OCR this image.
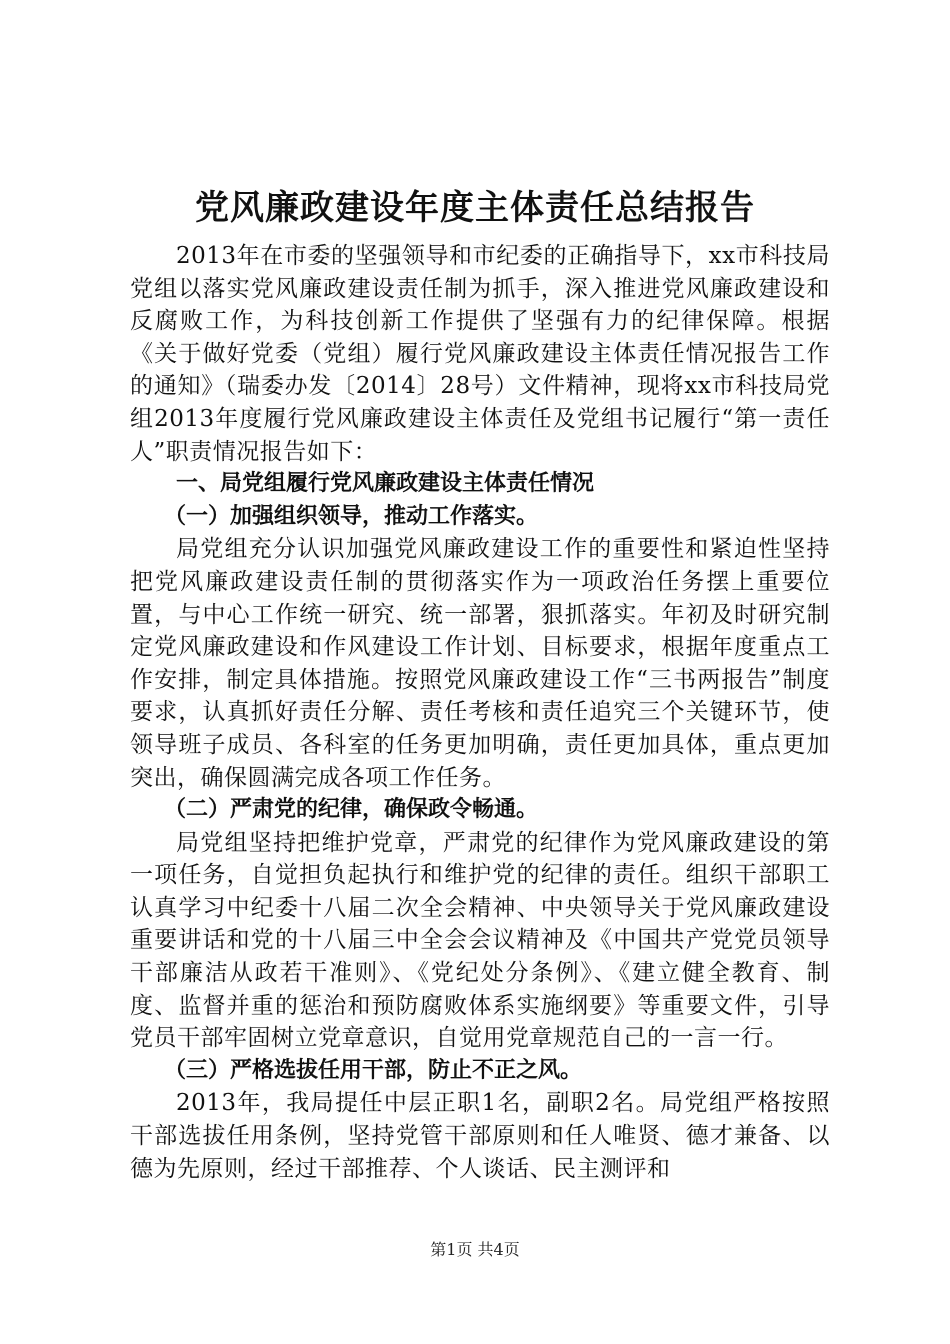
党风廉政建设年度主体责任总结报告

2013年在市委的坚强领导和市纪委的正确指导下，xx市科技局党组以落实党风廉政建设责任制为抓手，深入推进党风廉政建设和反腐败工作，为科技创新工作提供了坚强有力的纪律保障。根据《关于做好党委（党组）履行党风廉政建设主体责任情况报告工作的通知》（瑞委办发〔2014〕28号）文件精神，现将xx市科技局党组2013年度履行党风廉政建设主体责任及党组书记履行“第一责任人”职责情况报告如下：

一、局党组履行党风廉政建设主体责任情况

（一）加强组织领导，推动工作落实。

局党组充分认识加强党风廉政建设工作的重要性和紧迫性坚持把党风廉政建设责任制的贯彻落实作为一项政治任务摆上重要位置，与中心工作统一研究、统一部署，狠抓落实。年初及时研究制定党风廉政建设和作风建设工作计划、目标要求，根据年度重点工作安排，制定具体措施。按照党风廉政建设工作“三书两报告”制度要求，认真抓好责任分解、责任考核和责任追究三个关键环节，使领导班子成员、各科室的任务更加明确，责任更加具体，重点更加突出，确保圆满完成各项工作任务。

（二）严肃党的纪律，确保政令畅通。

局党组坚持把维护党章，严肃党的纪律作为党风廉政建设的第一项任务，自觉担负起执行和维护党的纪律的责任。组织干部职工认真学习中纪委十八届二次全会精神、中央领导关于党风廉政建设重要讲话和党的十八届三中全会会议精神及《中国共产党党员领导干部廉洁从政若干准则》、《党纪处分条例》、《建立健全教育、制度、监督并重的惩治和预防腐败体系实施纲要》等重要文件，引导党员干部牢固树立党章意识，自觉用党章规范自己的一言一行。

（三）严格选拔任用干部，防止不正之风。

2013年，我局提任中层正职1名，副职2名。局党组严格按照干部选拔任用条例，坚持党管干部原则和任人唯贤、德才兼备、以德为先原则，经过干部推荐、个人谈话、民主测评和

第1页 共4页
